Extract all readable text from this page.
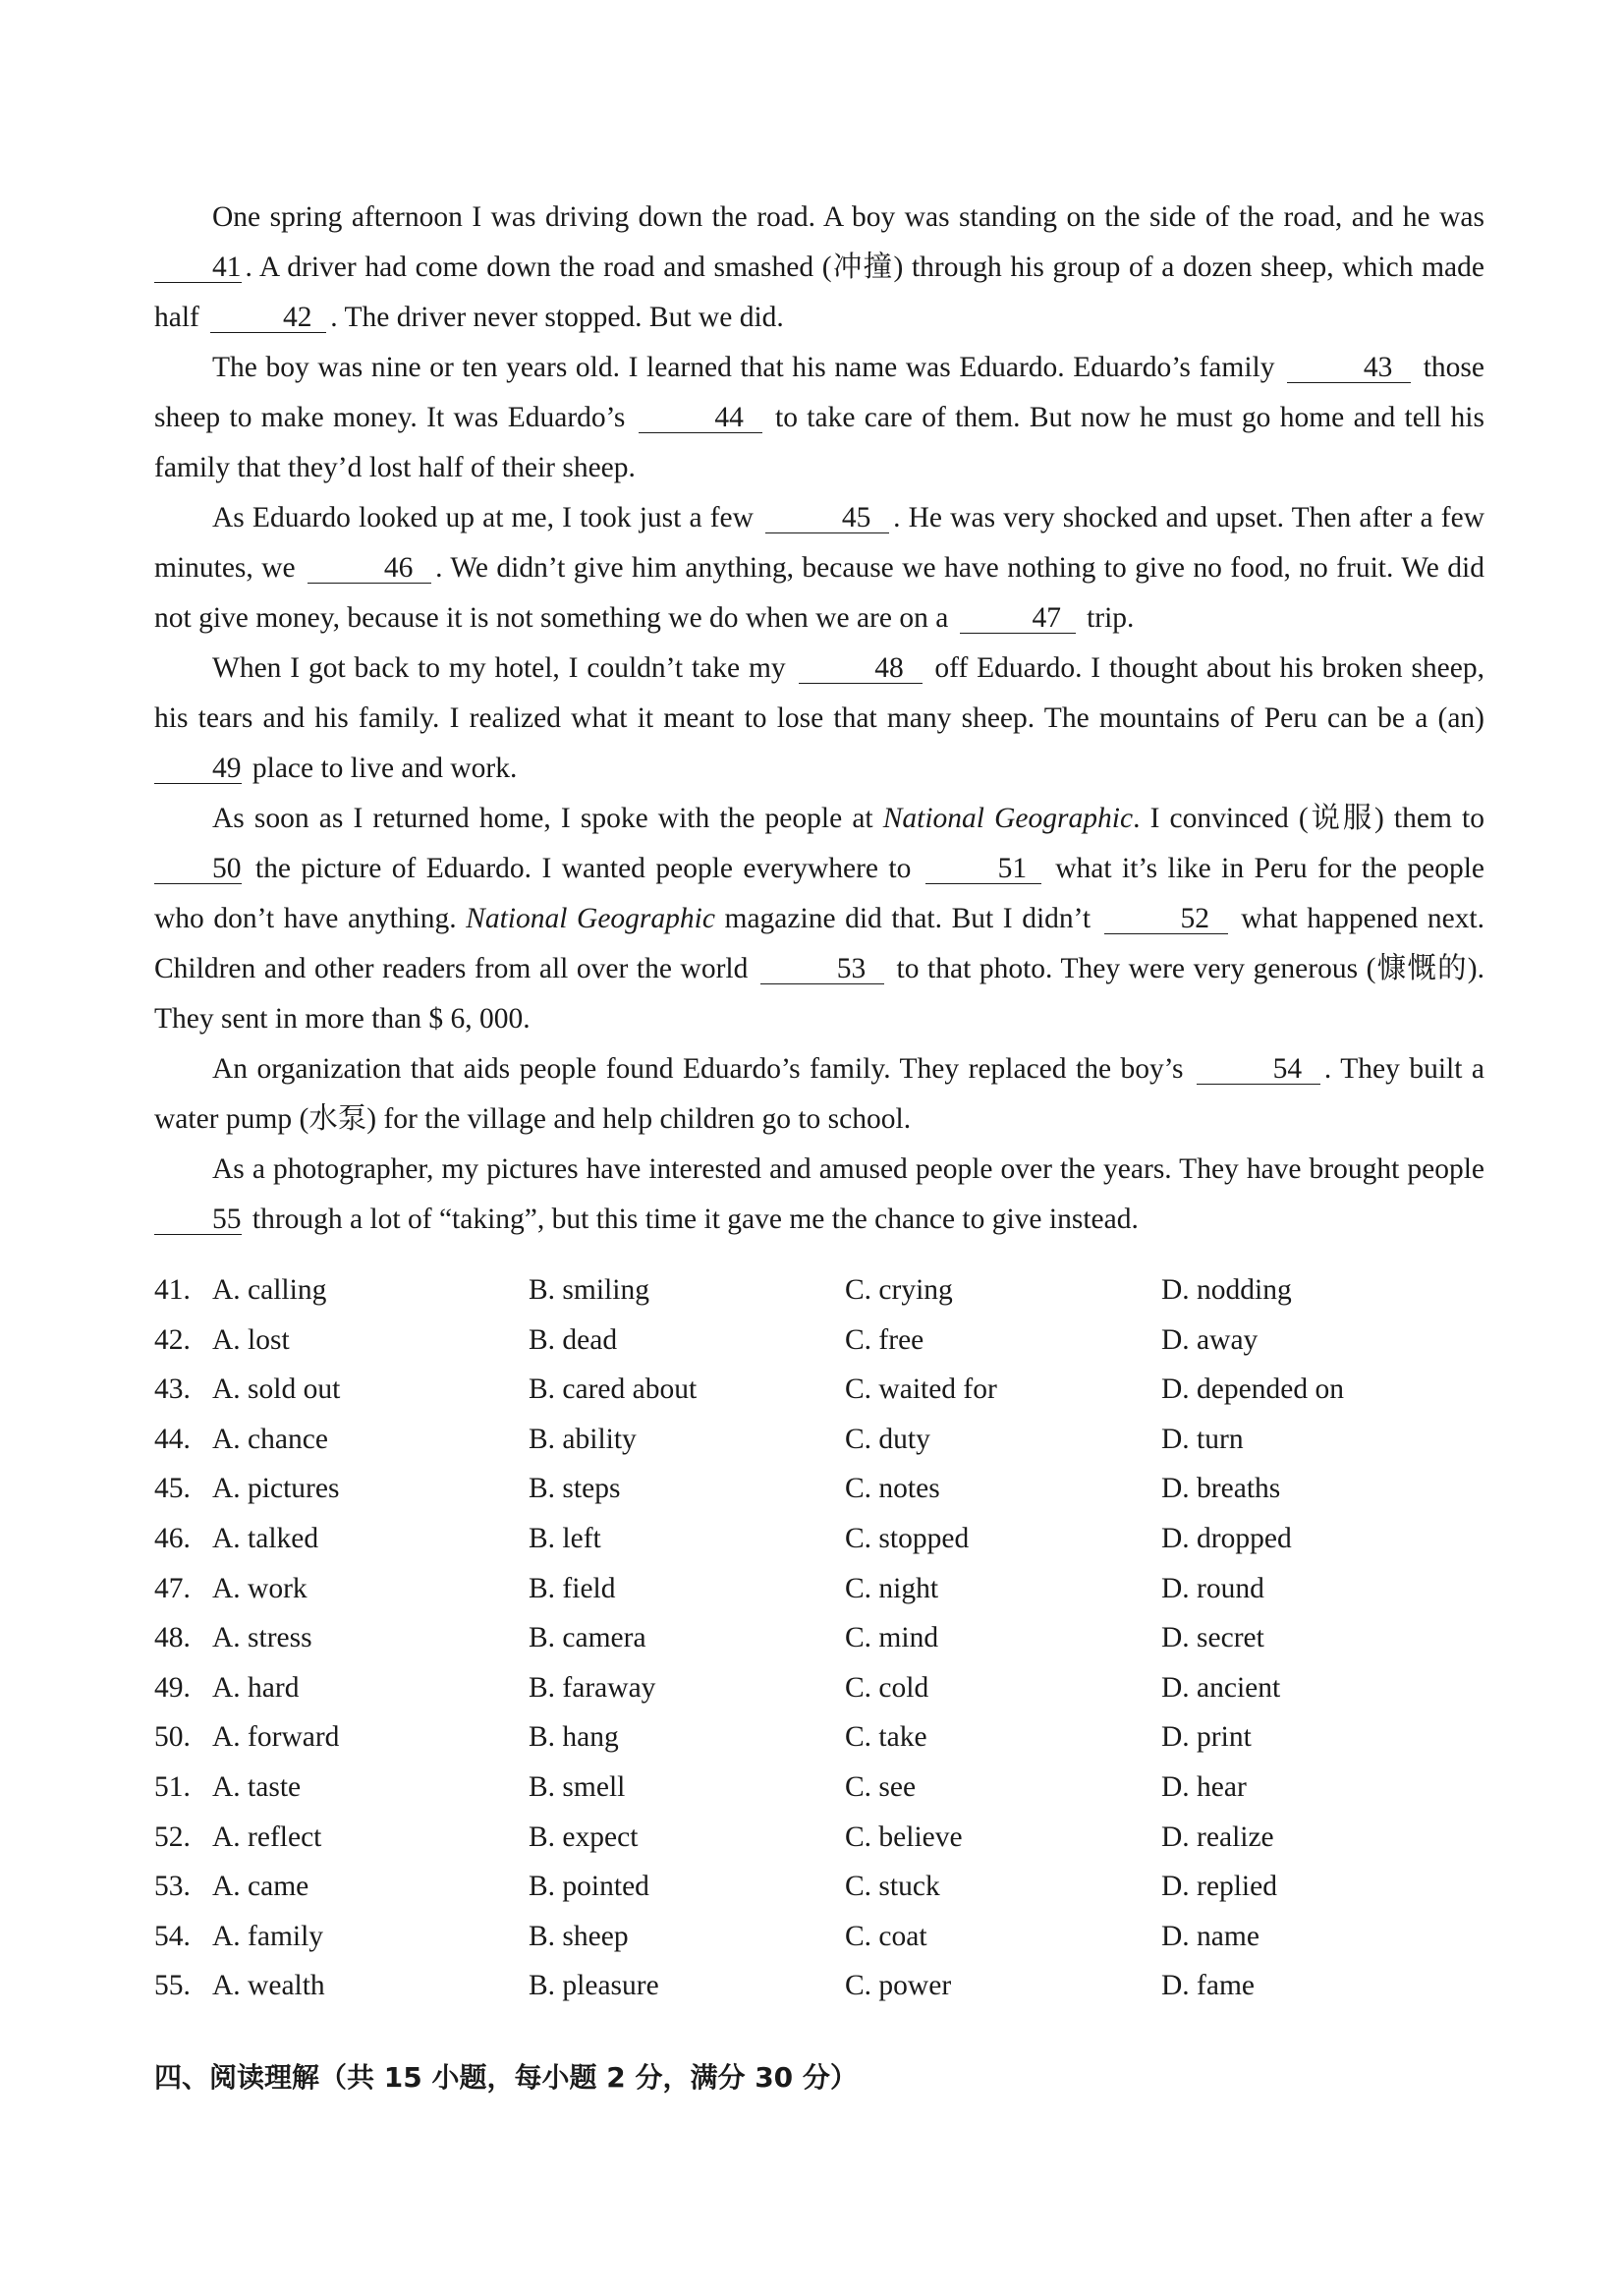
One spring afternoon I was driving down the road. A boy was standing on the side of the road, and he was 41 . A driver had come down the road and smashed (冲撞) through his group of a dozen sheep, which made half	42 . The driver never stopped. But we did.

The boy was nine or ten years old. I learned that his name was Eduardo. Eduardo’s family	43 those sheep to make money. It was Eduardo’s	44 to take care of them. But now he must go home and tell his family that they’d lost half of their sheep.

As Eduardo looked up at me, I took just a few	45 . He was very shocked and upset. Then after a few minutes, we	46 . We didn’t give him anything, because we have nothing to give no food, no fruit. We did not give money, because it is not something we do when we are on a	47 trip.

When I got back to my hotel, I couldn’t take my	48 off Eduardo. I thought about his broken sheep, his tears and his family. I realized what it meant to lose that many sheep. The mountains of Peru can be a (an) 49 place to live and work.

As soon as I returned home, I spoke with the people at National Geographic. I convinced (说服) them to 50 the picture of Eduardo. I wanted people everywhere to	51 what it’s like in Peru for the people who don’t have anything. National Geographic magazine did that. But I didn’t	52 what happened next. Children and other readers from all over the world	53 to that photo. They were very generous (慷慨的). They sent in more than $ 6, 000.

An organization that aids people found Eduardo’s family. They replaced the boy’s	54 . They built a water pump (水泵) for the village and help children go to school.

As a photographer, my pictures have interested and amused people over the years. They have brought people 55 through a lot of “taking”, but this time it gave me the chance to give instead.

41. A. calling	B. smiling	C. crying	D. nodding
42. A. lost	B. dead	C. free	D. away
43. A. sold out	B. cared about	C. waited for	D. depended on
44. A. chance	B. ability	C. duty	D. turn
45. A. pictures	B. steps	C. notes	D. breaths
46. A. talked	B. left	C. stopped	D. dropped
47. A. work	B. field	C. night	D. round
48. A. stress	B. camera	C. mind	D. secret
49. A. hard	B. faraway	C. cold	D. ancient
50. A. forward	B. hang	C. take	D. print
51. A. taste	B. smell	C. see	D. hear
52. A. reflect	B. expect	C. believe	D. realize
53. A. came	B. pointed	C. stuck	D. replied
54. A. family	B. sheep	C. coat	D. name
55. A. wealth	B. pleasure	C. power	D. fame
四、阅读理解（共 15 小题，每小题 2 分，满分 30 分）
